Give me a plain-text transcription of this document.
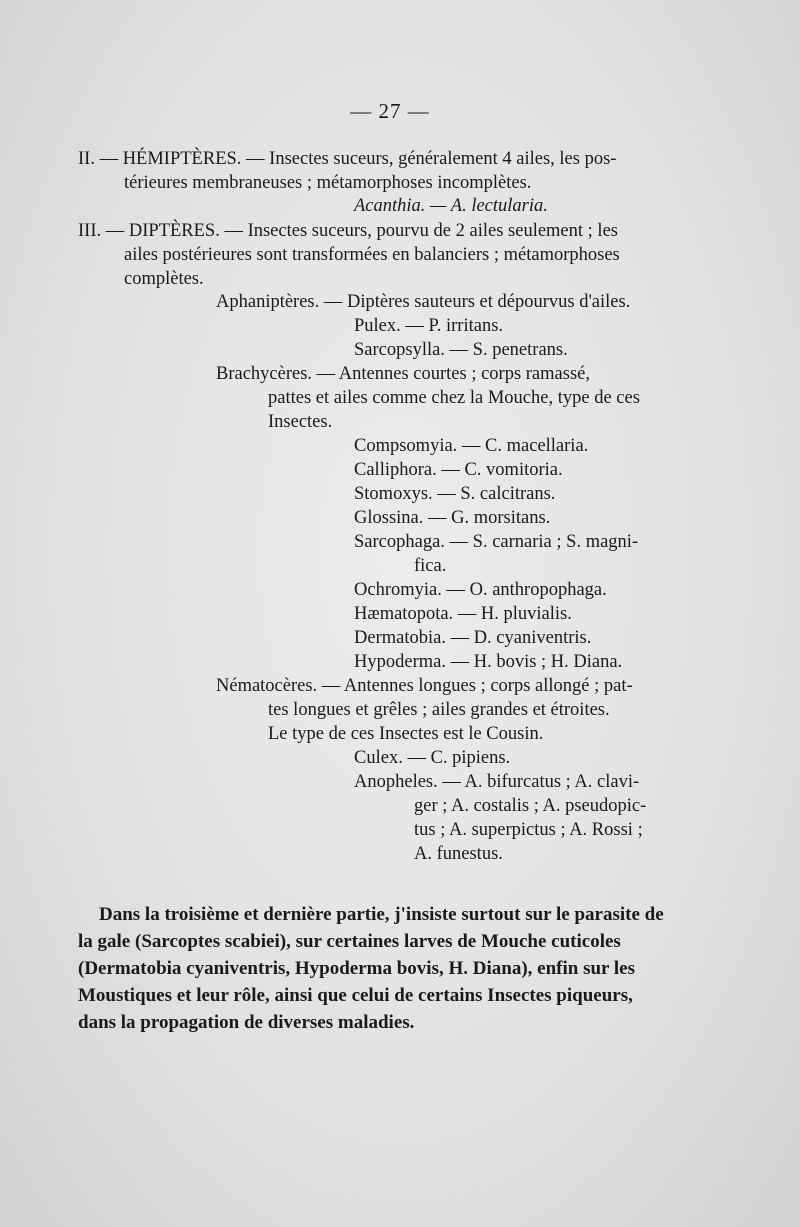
— 27 —
II. — HÉMIPTÈRES. — Insectes suceurs, généralement 4 ailes, les pos-
térieures membraneuses ; métamorphoses incomplètes.
Acanthia. — A. lectularia.
III. — DIPTÈRES. — Insectes suceurs, pourvu de 2 ailes seulement ; les
ailes postérieures sont transformées en balanciers ; métamorphoses
complètes.
Aphaniptères. — Diptères sauteurs et dépourvus d'ailes.
Pulex. — P. irritans.
Sarcopsylla. — S. penetrans.
Brachycères. — Antennes courtes ; corps ramassé,
pattes et ailes comme chez la Mouche, type de ces
Insectes.
Compsomyia. — C. macellaria.
Calliphora. — C. vomitoria.
Stomoxys. — S. calcitrans.
Glossina. — G. morsitans.
Sarcophaga. — S. carnaria ; S. magni-
fica.
Ochromyia. — O. anthropophaga.
Hæmatopota. — H. pluvialis.
Dermatobia. — D. cyaniventris.
Hypoderma. — H. bovis ; H. Diana.
Nématocères. — Antennes longues ; corps allongé ; pat-
tes longues et grêles ; ailes grandes et étroites.
Le type de ces Insectes est le Cousin.
Culex. — C. pipiens.
Anopheles. — A. bifurcatus ; A. clavi-
ger ; A. costalis ; A. pseudopic-
tus ; A. superpictus ; A. Rossi ;
A. funestus.
Dans la troisième et dernière partie, j'insiste surtout sur le parasite de
la gale (Sarcoptes scabiei), sur certaines larves de Mouche cuticoles
(Dermatobia cyaniventris, Hypoderma bovis, H. Diana), enfin sur les
Moustiques et leur rôle, ainsi que celui de certains Insectes piqueurs,
dans la propagation de diverses maladies.
